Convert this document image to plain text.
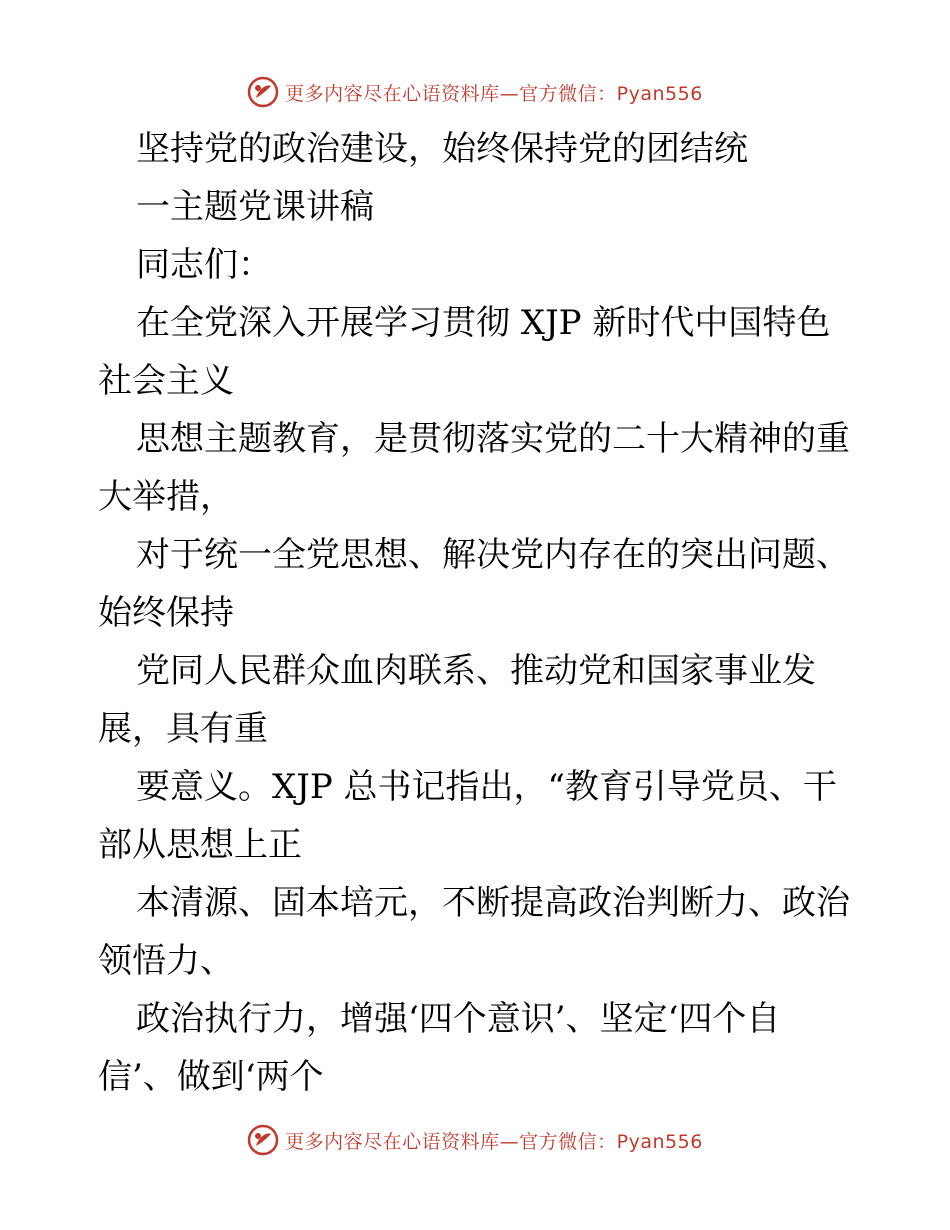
更多内容尽在心语资料库—官方微信：Pyan556
坚持党的政治建设，始终保持党的团结统
一主题党课讲稿
同志们：
在全党深入开展学习贯彻 XJP 新时代中国特色
社会主义
思想主题教育，是贯彻落实党的二十大精神的重
大举措，
对于统一全党思想、解决党内存在的突出问题、
始终保持
党同人民群众血肉联系、推动党和国家事业发
展，具有重
要意义。XJP 总书记指出，“教育引导党员、干
部从思想上正
本清源、固本培元，不断提高政治判断力、政治
领悟力、
政治执行力，增强‘四个意识’、坚定‘四个自
信’、做到‘两个
更多内容尽在心语资料库—官方微信：Pyan556
